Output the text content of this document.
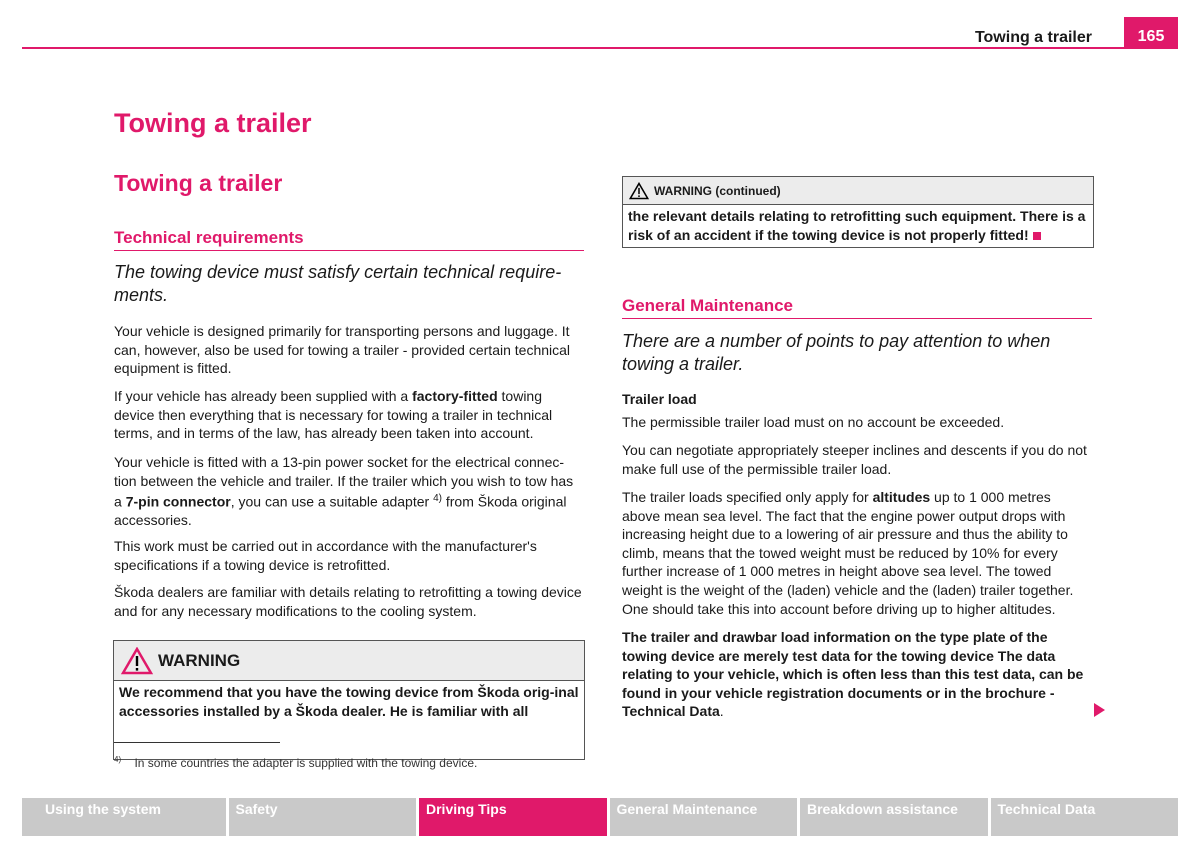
Towing a trailer	165
Towing a trailer
Towing a trailer
Technical requirements
The towing device must satisfy certain technical require-ments.
Your vehicle is designed primarily for transporting persons and luggage. It can, however, also be used for towing a trailer - provided certain technical equipment is fitted.
If your vehicle has already been supplied with a factory-fitted towing device then everything that is necessary for towing a trailer in technical terms, and in terms of the law, has already been taken into account.
Your vehicle is fitted with a 13-pin power socket for the electrical connec-tion between the vehicle and trailer. If the trailer which you wish to tow has a 7-pin connector, you can use a suitable adapter $^{4)}$ from Škoda original accessories.
This work must be carried out in accordance with the manufacturer's specifications if a towing device is retrofitted.
Škoda dealers are familiar with details relating to retrofitting a towing device and for any necessary modifications to the cooling system.
WARNING
We recommend that you have the towing device from Škoda orig-inal accessories installed by a Škoda dealer. He is familiar with all
$^{4)}$ In some countries the adapter is supplied with the towing device.
WARNING (continued)
the relevant details relating to retrofitting such equipment. There is a risk of an accident if the towing device is not properly fitted!
General Maintenance
There are a number of points to pay attention to when towing a trailer.
Trailer load
The permissible trailer load must on no account be exceeded.
You can negotiate appropriately steeper inclines and descents if you do not make full use of the permissible trailer load.
The trailer loads specified only apply for altitudes up to 1 000 metres above mean sea level. The fact that the engine power output drops with increasing height due to a lowering of air pressure and thus the ability to climb, means that the towed weight must be reduced by 10% for every further increase of 1 000 metres in height above sea level. The towed weight is the weight of the (laden) vehicle and the (laden) trailer together. One should take this into account before driving up to higher altitudes.
The trailer and drawbar load information on the type plate of the towing device are merely test data for the towing device The data relating to your vehicle, which is often less than this test data, can be found in your vehicle registration documents or in the brochure - Technical Data.
Using the system	Safety	Driving Tips	General Maintenance	Breakdown assistance	Technical Data
